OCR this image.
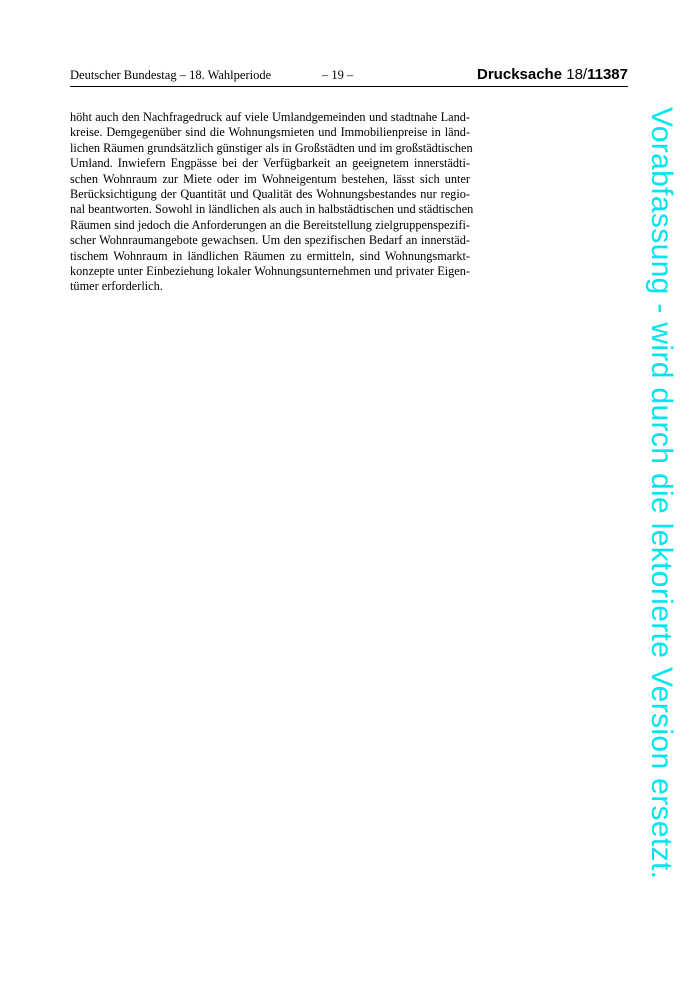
Deutscher Bundestag – 18. Wahlperiode	– 19 –	Drucksache 18/11387
höht auch den Nachfragedruck auf viele Umlandgemeinden und stadtnahe Land-
kreise. Demgegenüber sind die Wohnungsmieten und Immobilienpreise in länd-
lichen Räumen grundsätzlich günstiger als in Großstädten und im großstädtischen
Umland. Inwiefern Engpässe bei der Verfügbarkeit an geeignetem innerstädti-
schen Wohnraum zur Miete oder im Wohneigentum bestehen, lässt sich unter
Berücksichtigung der Quantität und Qualität des Wohnungsbestandes nur regio-
nal beantworten. Sowohl in ländlichen als auch in halbstädtischen und städtischen
Räumen sind jedoch die Anforderungen an die Bereitstellung zielgruppenspezifi-
scher Wohnraumangebote gewachsen. Um den spezifischen Bedarf an innerstäd-
tischem Wohnraum in ländlichen Räumen zu ermitteln, sind Wohnungsmarkt-
konzepte unter Einbeziehung lokaler Wohnungsunternehmen und privater Eigen-
tümer erforderlich.	Vorabfassung - wird durch die lektorierte Version ersetzt.
